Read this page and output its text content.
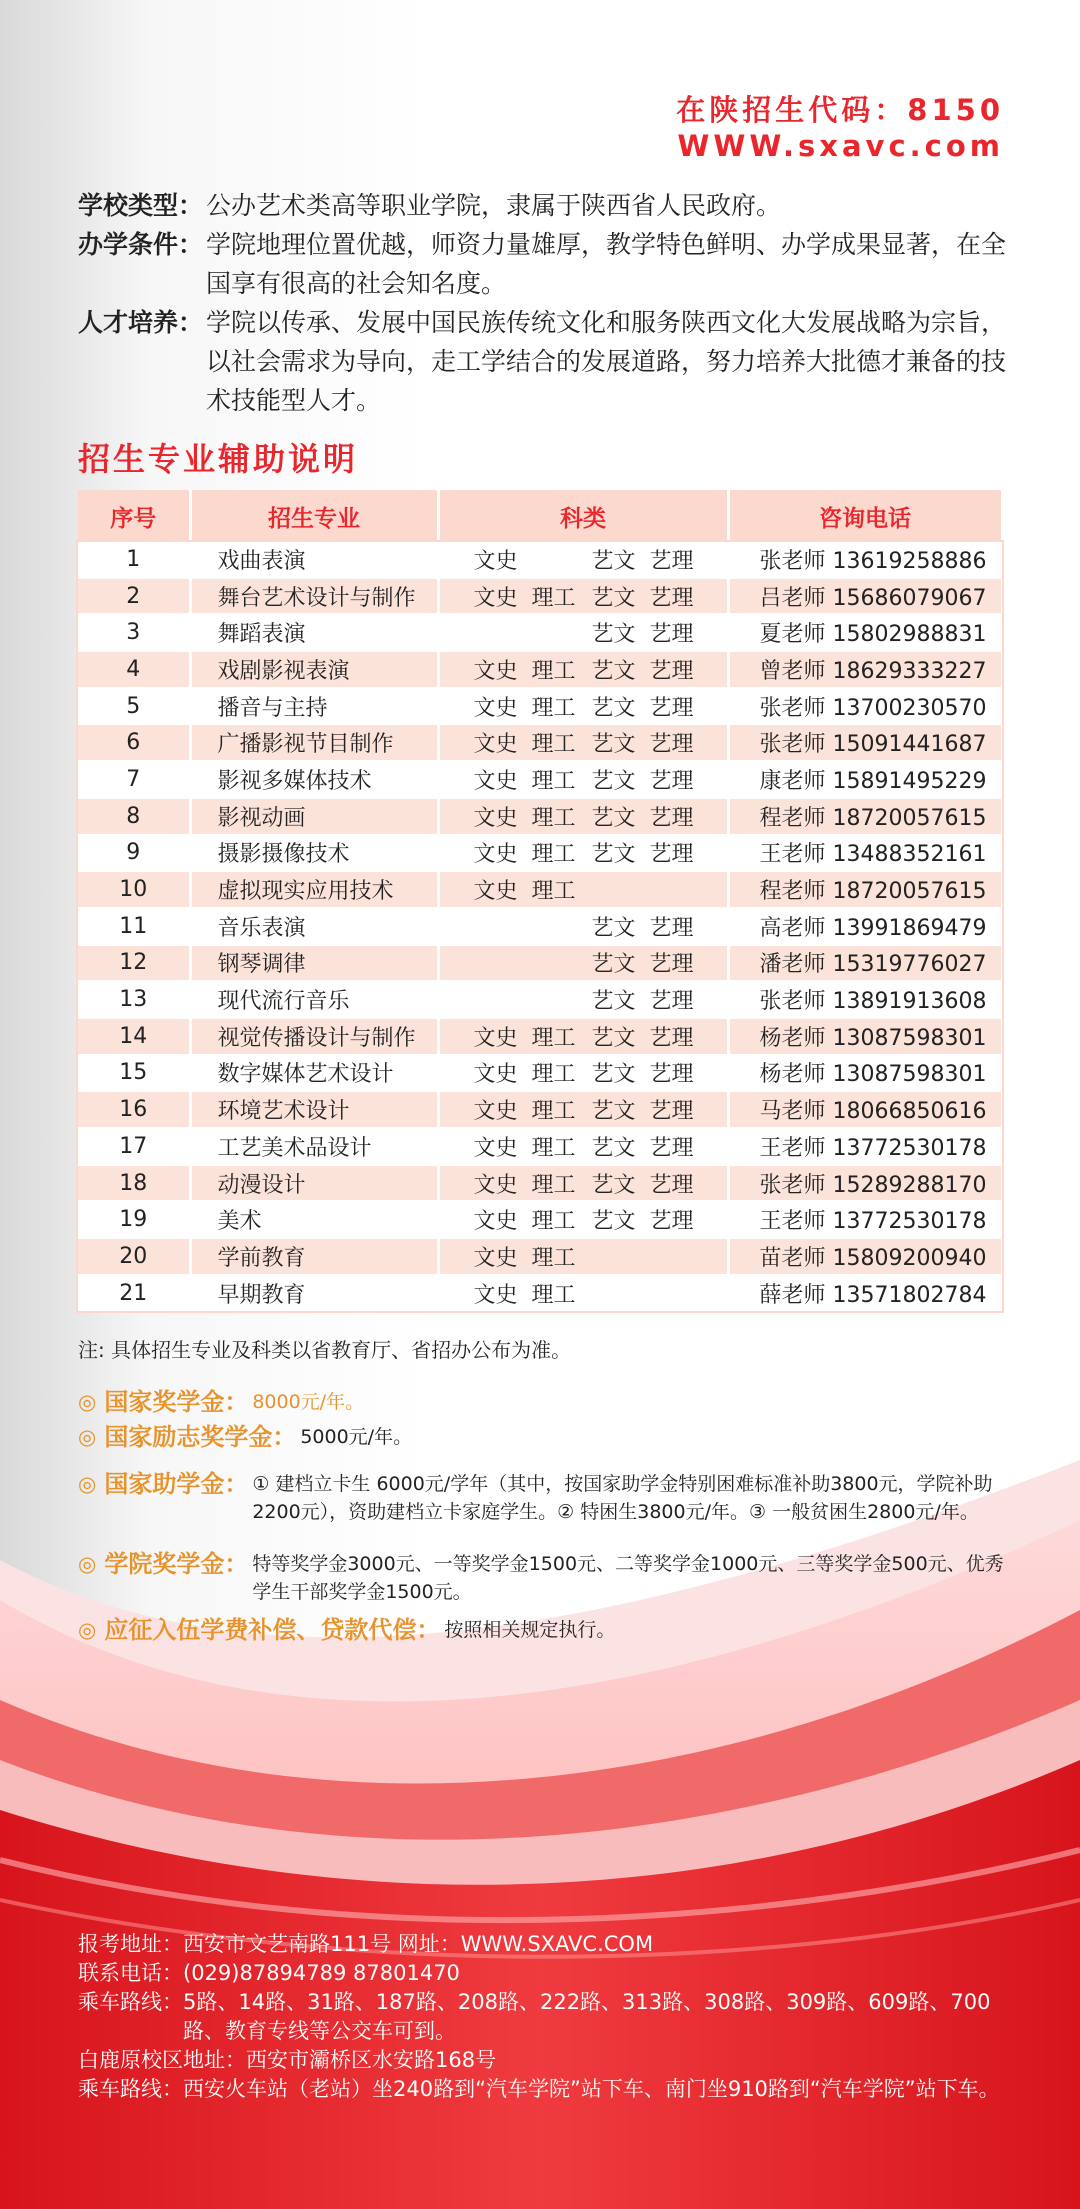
在陕招生代码：8150
WWW.sxavc.com
学校类型： 公办艺术类高等职业学院，隶属于陕西省人民政府。
办学条件： 学院地理位置优越，师资力量雄厚，教学特色鲜明、办学成果显著，在全国享有很高的社会知名度。
人才培养： 学院以传承、发展中国民族传统文化和服务陕西文化大发展战略为宗旨，以社会需求为导向，走工学结合的发展道路，努力培养大批德才兼备的技术技能型人才。
招生专业辅助说明
序号	招生专业	科类	咨询电话
1	戏曲表演	文史 艺文 艺理	张老师 13619258886
2	舞台艺术设计与制作	文史 理工 艺文 艺理	吕老师 15686079067
3	舞蹈表演	艺文 艺理	夏老师 15802988831
4	戏剧影视表演	文史 理工 艺文 艺理	曾老师 18629333227
5	播音与主持	文史 理工 艺文 艺理	张老师 13700230570
6	广播影视节目制作	文史 理工 艺文 艺理	张老师 15091441687
7	影视多媒体技术	文史 理工 艺文 艺理	康老师 15891495229
8	影视动画	文史 理工 艺文 艺理	程老师 18720057615
9	摄影摄像技术	文史 理工 艺文 艺理	王老师 13488352161
10	虚拟现实应用技术	文史 理工	程老师 18720057615
11	音乐表演	艺文 艺理	高老师 13991869479
12	钢琴调律	艺文 艺理	潘老师 15319776027
13	现代流行音乐	艺文 艺理	张老师 13891913608
14	视觉传播设计与制作	文史 理工 艺文 艺理	杨老师 13087598301
15	数字媒体艺术设计	文史 理工 艺文 艺理	杨老师 13087598301
16	环境艺术设计	文史 理工 艺文 艺理	马老师 18066850616
17	工艺美术品设计	文史 理工 艺文 艺理	王老师 13772530178
18	动漫设计	文史 理工 艺文 艺理	张老师 15289288170
19	美术	文史 理工 艺文 艺理	王老师 13772530178
20	学前教育	文史 理工	苗老师 15809200940
21	早期教育	文史 理工	薛老师 13571802784
注: 具体招生专业及科类以省教育厅、省招办公布为准。
◎ 国家奖学金： 8000元/年。
◎ 国家励志奖学金： 5000元/年。
◎ 国家助学金： ① 建档立卡生 6000元/学年（其中，按国家助学金特别困难标准补助3800元，学院补助2200元），资助建档立卡家庭学生。② 特困生3800元/年。③ 一般贫困生2800元/年。
◎ 学院奖学金： 特等奖学金3000元、一等奖学金1500元、二等奖学金1000元、三等奖学金500元、优秀学生干部奖学金1500元。
◎ 应征入伍学费补偿、贷款代偿： 按照相关规定执行。
报考地址： 西安市文艺南路111号 网址：WWW.SXAVC.COM
联系电话： (029)87894789 87801470
乘车路线： 5路、14路、31路、187路、208路、222路、313路、308路、309路、609路、700路、教育专线等公交车可到。
白鹿原校区地址： 西安市灞桥区水安路168号
乘车路线： 西安火车站（老站）坐240路到“汽车学院”站下车、南门坐910路到“汽车学院”站下车。
